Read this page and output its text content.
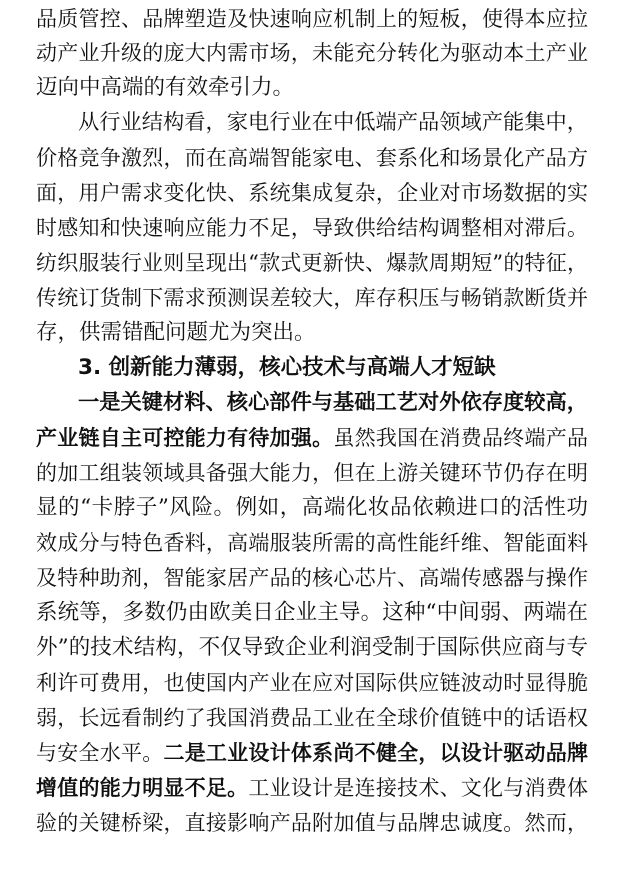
品质管控、品牌塑造及快速响应机制上的短板，使得本应拉
动产业升级的庞大内需市场，未能充分转化为驱动本土产业
迈向中高端的有效牵引力。
从行业结构看，家电行业在中低端产品领域产能集中，
价格竞争激烈，而在高端智能家电、套系化和场景化产品方
面，用户需求变化快、系统集成复杂，企业对市场数据的实
时感知和快速响应能力不足，导致供给结构调整相对滞后。
纺织服装行业则呈现出“款式更新快、爆款周期短”的特征，
传统订货制下需求预测误差较大，库存积压与畅销款断货并
存，供需错配问题尤为突出。
3. 创新能力薄弱，核心技术与高端人才短缺
一是关键材料、核心部件与基础工艺对外依存度较高，
产业链自主可控能力有待加强。虽然我国在消费品终端产品
的加工组装领域具备强大能力，但在上游关键环节仍存在明
显的“卡脖子”风险。例如，高端化妆品依赖进口的活性功
效成分与特色香料，高端服装所需的高性能纤维、智能面料
及特种助剂，智能家居产品的核心芯片、高端传感器与操作
系统等，多数仍由欧美日企业主导。这种“中间弱、两端在
外”的技术结构，不仅导致企业利润受制于国际供应商与专
利许可费用，也使国内产业在应对国际供应链波动时显得脆
弱，长远看制约了我国消费品工业在全球价值链中的话语权
与安全水平。二是工业设计体系尚不健全，以设计驱动品牌
增值的能力明显不足。工业设计是连接技术、文化与消费体
验的关键桥梁，直接影响产品附加值与品牌忠诚度。然而，
